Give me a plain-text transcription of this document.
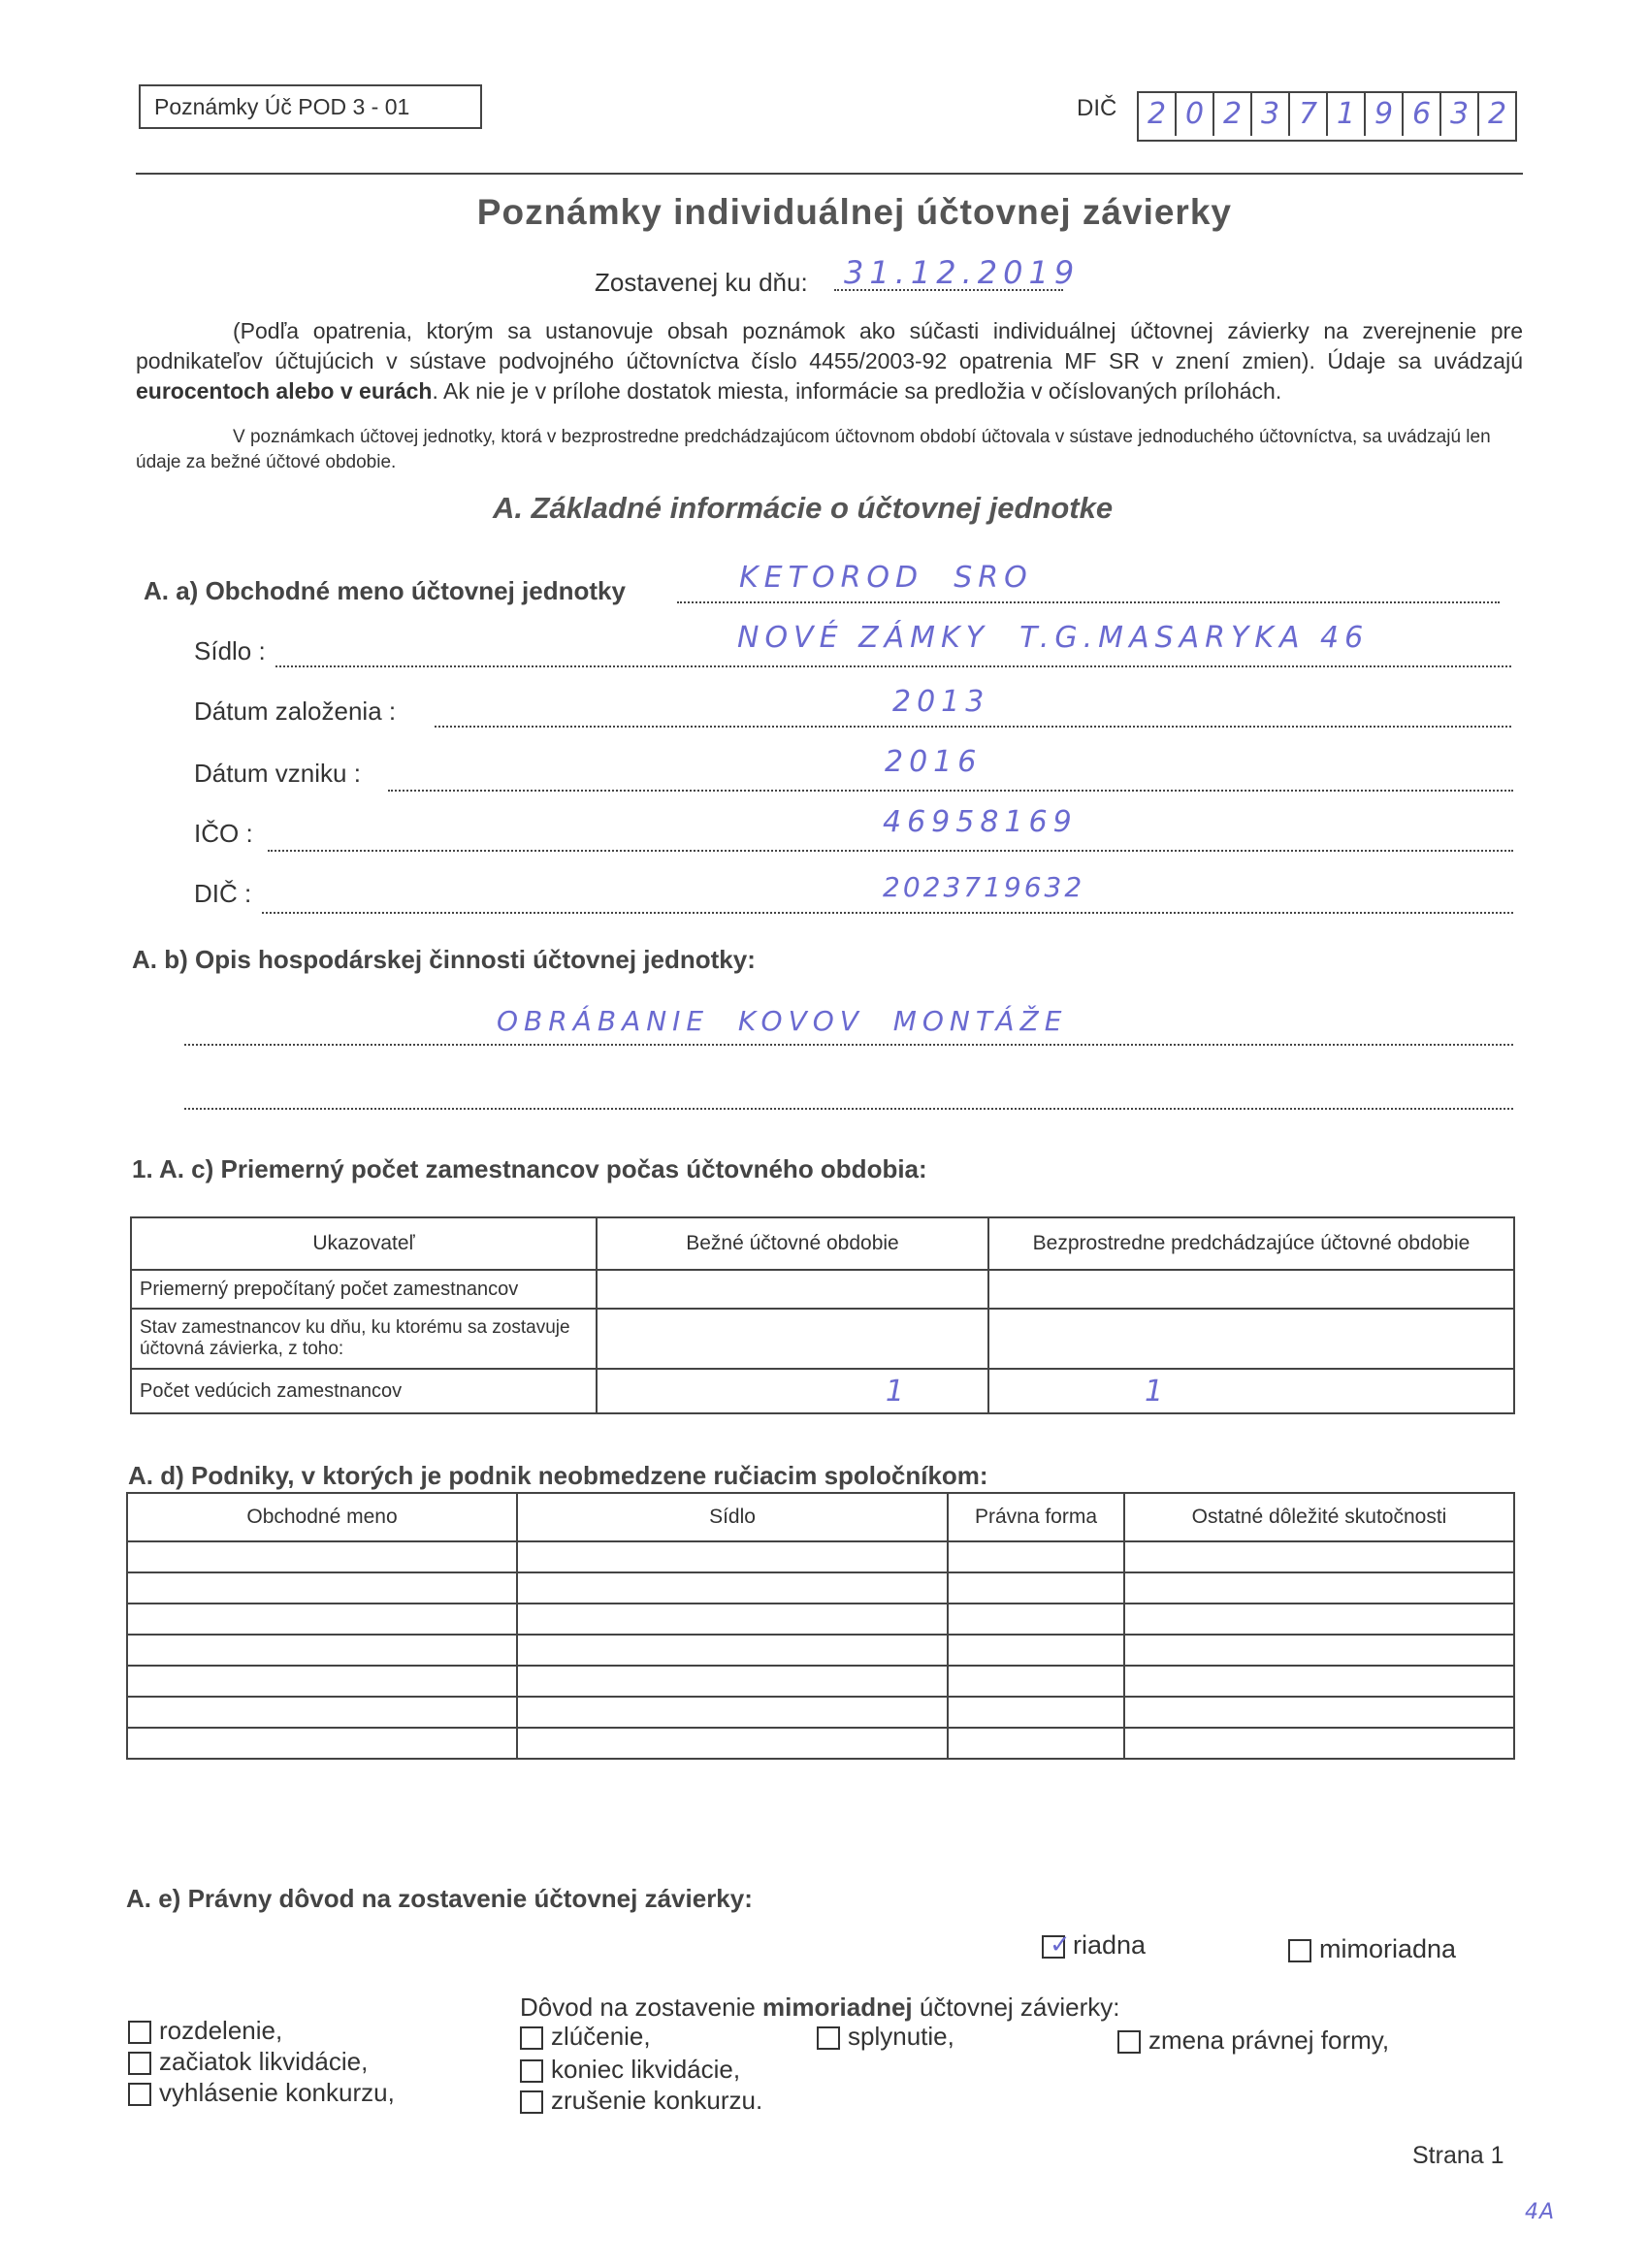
Poznámky Úč POD 3 - 01	DIČ 2 0 2 3 7 1 9 6 3 2
Poznámky individuálnej účtovnej závierky
Zostavenej ku dňu: 31.12.2019
(Podľa opatrenia, ktorým sa ustanovuje obsah poznámok ako súčasti individuálnej účtovnej závierky na zverejnenie pre podnikateľov účtujúcich v sústave podvojného účtovníctva číslo 4455/2003-92 opatrenia MF SR v znení zmien). Údaje sa uvádzajú eurocentoch alebo v eurách. Ak nie je v prílohe dostatok miesta, informácie sa predložia v očíslovaných prílohách.
V poznámkach účtovej jednotky, ktorá v bezprostredne predchádzajúcom účtovnom období účtovala v sústave jednoduchého účtovníctva, sa uvádzajú len údaje za bežné účtové obdobie.
A. Základné informácie o účtovnej jednotke
A. a) Obchodné meno účtovnej jednotky	KETOROD  SRO
Sídlo :	NOVÉ ZÁMKY  T.G.MASARYKA 46
Dátum založenia :	2013
Dátum vzniku :	2016
IČO :	46958169
DIČ :	2023719632
A. b) Opis hospodárskej činnosti účtovnej jednotky:
OBRÁBANIE  KOVOV  MONTÁŽE
1. A. c) Priemerný počet zamestnancov počas účtovného obdobia:
Ukazovateľ	Bežné účtovné obdobie	Bezprostredne predchádzajúce účtovné obdobie
Priemerný prepočítaný počet zamestnancov		
Stav zamestnancov ku dňu, ku ktorému sa zostavuje účtovná závierka, z toho:		
Počet vedúcich zamestnancov	1	1
A. d) Podniky, v ktorých je podnik neobmedzene ručiacim spoločníkom:
Obchodné meno	Sídlo	Právna forma	Ostatné dôležité skutočnosti

A. e) Právny dôvod na zostavenie účtovnej závierky:
✓ riadna	mimoriadna
Dôvod na zostavenie mimoriadnej účtovnej závierky:
rozdelenie,
začiatok likvidácie,
vyhlásenie konkurzu,
zlúčenie,
koniec likvidácie,
zrušenie konkurzu.
splynutie,	zmena právnej formy,
Strana 1
4A
